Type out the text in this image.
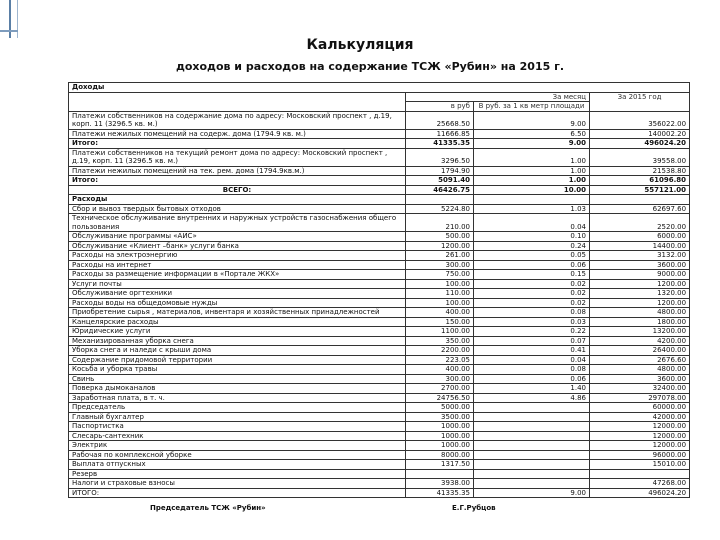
Калькуляция
доходов и расходов на содержание ТСЖ «Рубин» на 2015 г.
Доходы			
	За месяц		За 2015 год
	в руб	В руб. за 1 кв метр площади	
Платежи собственников на содержание дома по адресу: Московский проспект , д.19, корп. 11 (3296.5 кв. м.)	25668.50	9.00	356022.00
Платежи нежилых помещений на содерж. дома (1794.9 кв. м.)	11666.85	6.50	140002.20
Итого:	41335.35	9.00	496024.20
Платежи собственников на текущий ремонт дома по адресу: Московский проспект , д.19, корп. 11 (3296.5 кв. м.)	3296.50	1.00	39558.00
Платежи нежилых помещений на тек. рем. дома (1794.9кв.м.)	1794.90	1.00	21538.80
Итого:	5091.40	1.00	61096.80
ВСЕГО:	46426.75	10.00	557121.00
Расходы			
Сбор и вывоз твердых бытовых отходов	5224.80	1.03	62697.60
Техническое обслуживание внутренних и наружных устройств газоснабжения общего пользования	210.00	0.04	2520.00
Обслуживание программы «АИС»	500.00	0.10	6000.00
Обслуживание «Клиент –банк» услуги банка	1200.00	0.24	14400.00
Расходы на электроэнергию	261.00	0.05	3132.00
Расходы на интернет	300.00	0.06	3600.00
Расходы за размещение информации в «Портале ЖКХ»	750.00	0.15	9000.00
Услуги почты	100.00	0.02	1200.00
Обслуживание оргтехники	110.00	0.02	1320.00
Расходы воды на общедомовые нужды	100.00	0.02	1200.00
Приобретение сырья , материалов, инвентаря и хозяйственных принадлежностей	400.00	0.08	4800.00
Канцелярские расходы	150.00	0.03	1800.00
Юридические услуги	1100.00	0.22	13200.00
Механизированная уборка снега	350.00	0.07	4200.00
Уборка снега и наледи с крыши дома	2200.00	0.41	26400.00
Содержание придомовой территории	223.05	0.04	2676.60
Косьба и уборка травы	400.00	0.08	4800.00
Свинь	300.00	0.06	3600.00
Поверка дымоканалов	2700.00	1.40	32400.00
Заработная плата, в т. ч.	24756.50	4.86	297078.00
Председатель	5000.00		60000.00
Главный бухгалтер	3500.00		42000.00
Паспортистка	1000.00		12000.00
Слесарь-сантехник	1000.00		12000.00
Электрик	1000.00		12000.00
Рабочая по комплексной уборке	8000.00		96000.00
Выплата отпускных	1317.50		15010.00
Резерв			
Налоги и страховые взносы	3938.00		47268.00
ИТОГО:	41335.35	9.00	496024.20
Председатель ТСЖ «Рубин»	Е.Г.Рубцов
